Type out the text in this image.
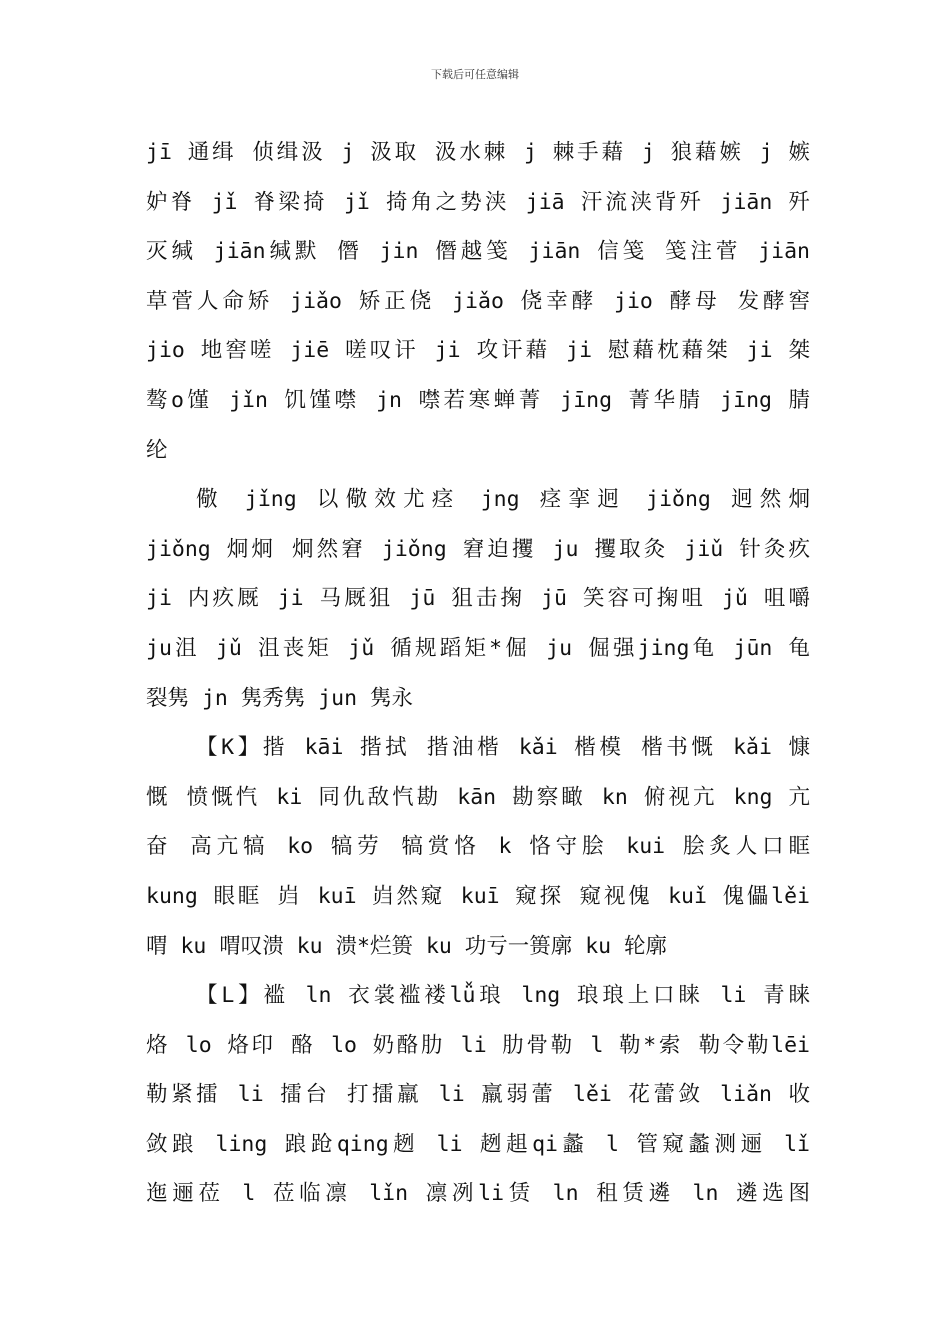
下载后可任意编辑
jī 通缉 侦缉汲 j 汲取 汲水棘 j 棘手藉 j 狼藉嫉 j 嫉
妒脊 jǐ 脊梁掎 jǐ 掎角之势浃 jiā 汗流浃背歼 jiān 歼
灭缄 jiān缄默 僭 jin 僭越笺 jiān 信笺 笺注菅 jiān
草菅人命矫 jiǎo 矫正侥 jiǎo 侥幸酵 jio 酵母 发酵窖
jio 地窖嗟 jiē 嗟叹讦 ji 攻讦藉 ji 慰藉枕藉桀 ji 桀
骜o馑 jǐn 饥馑噤 jn 噤若寒蝉菁 jīng 菁华腈 jīng 腈
纶
儆 jǐng 以儆效尤痉 jng 痉挛迥 jiǒng 迥然炯
jiǒng 炯炯 炯然窘 jiǒng 窘迫攫 ju 攫取灸 jiǔ 针灸疚
ji 内疚厩 ji 马厩狙 jū 狙击掬 jū 笑容可掬咀 jǔ 咀嚼
ju沮 jǔ 沮丧矩 jǔ 循规蹈矩*倔 ju 倔强jing龟 jūn 龟
裂隽 jn 隽秀隽 jun 隽永
【K】揩 kāi 揩拭 揩油楷 kǎi 楷模 楷书慨 kǎi 慷
慨 愤慨忾 ki 同仇敌忾勘 kān 勘察瞰 kn 俯视亢 kng 亢
奋 高亢犒 ko 犒劳 犒赏恪 k 恪守脍 kui 脍炙人口眶
kung 眼眶 岿 kuī 岿然窥 kuī 窥探 窥视傀 kuǐ 傀儡lěi
喟 ku 喟叹溃 ku 溃*烂篑 ku 功亏一篑廓 ku 轮廓
【L】褴 ln 衣裳褴褛lǚ琅 lng 琅琅上口睐 li 青睐
烙 lo 烙印 酪 lo 奶酪肋 li 肋骨勒 l 勒*索 勒令勒lēi
勒紧擂 li 擂台 打擂羸 li 羸弱蕾 lěi 花蕾敛 liǎn 收
敛踉 ling 踉跄qing趔 li 趔趄qi蠡 l 管窥蠡测逦 lǐ
迤逦莅 l 莅临凛 lǐn 凛冽li赁 ln 租赁遴 ln 遴选图
